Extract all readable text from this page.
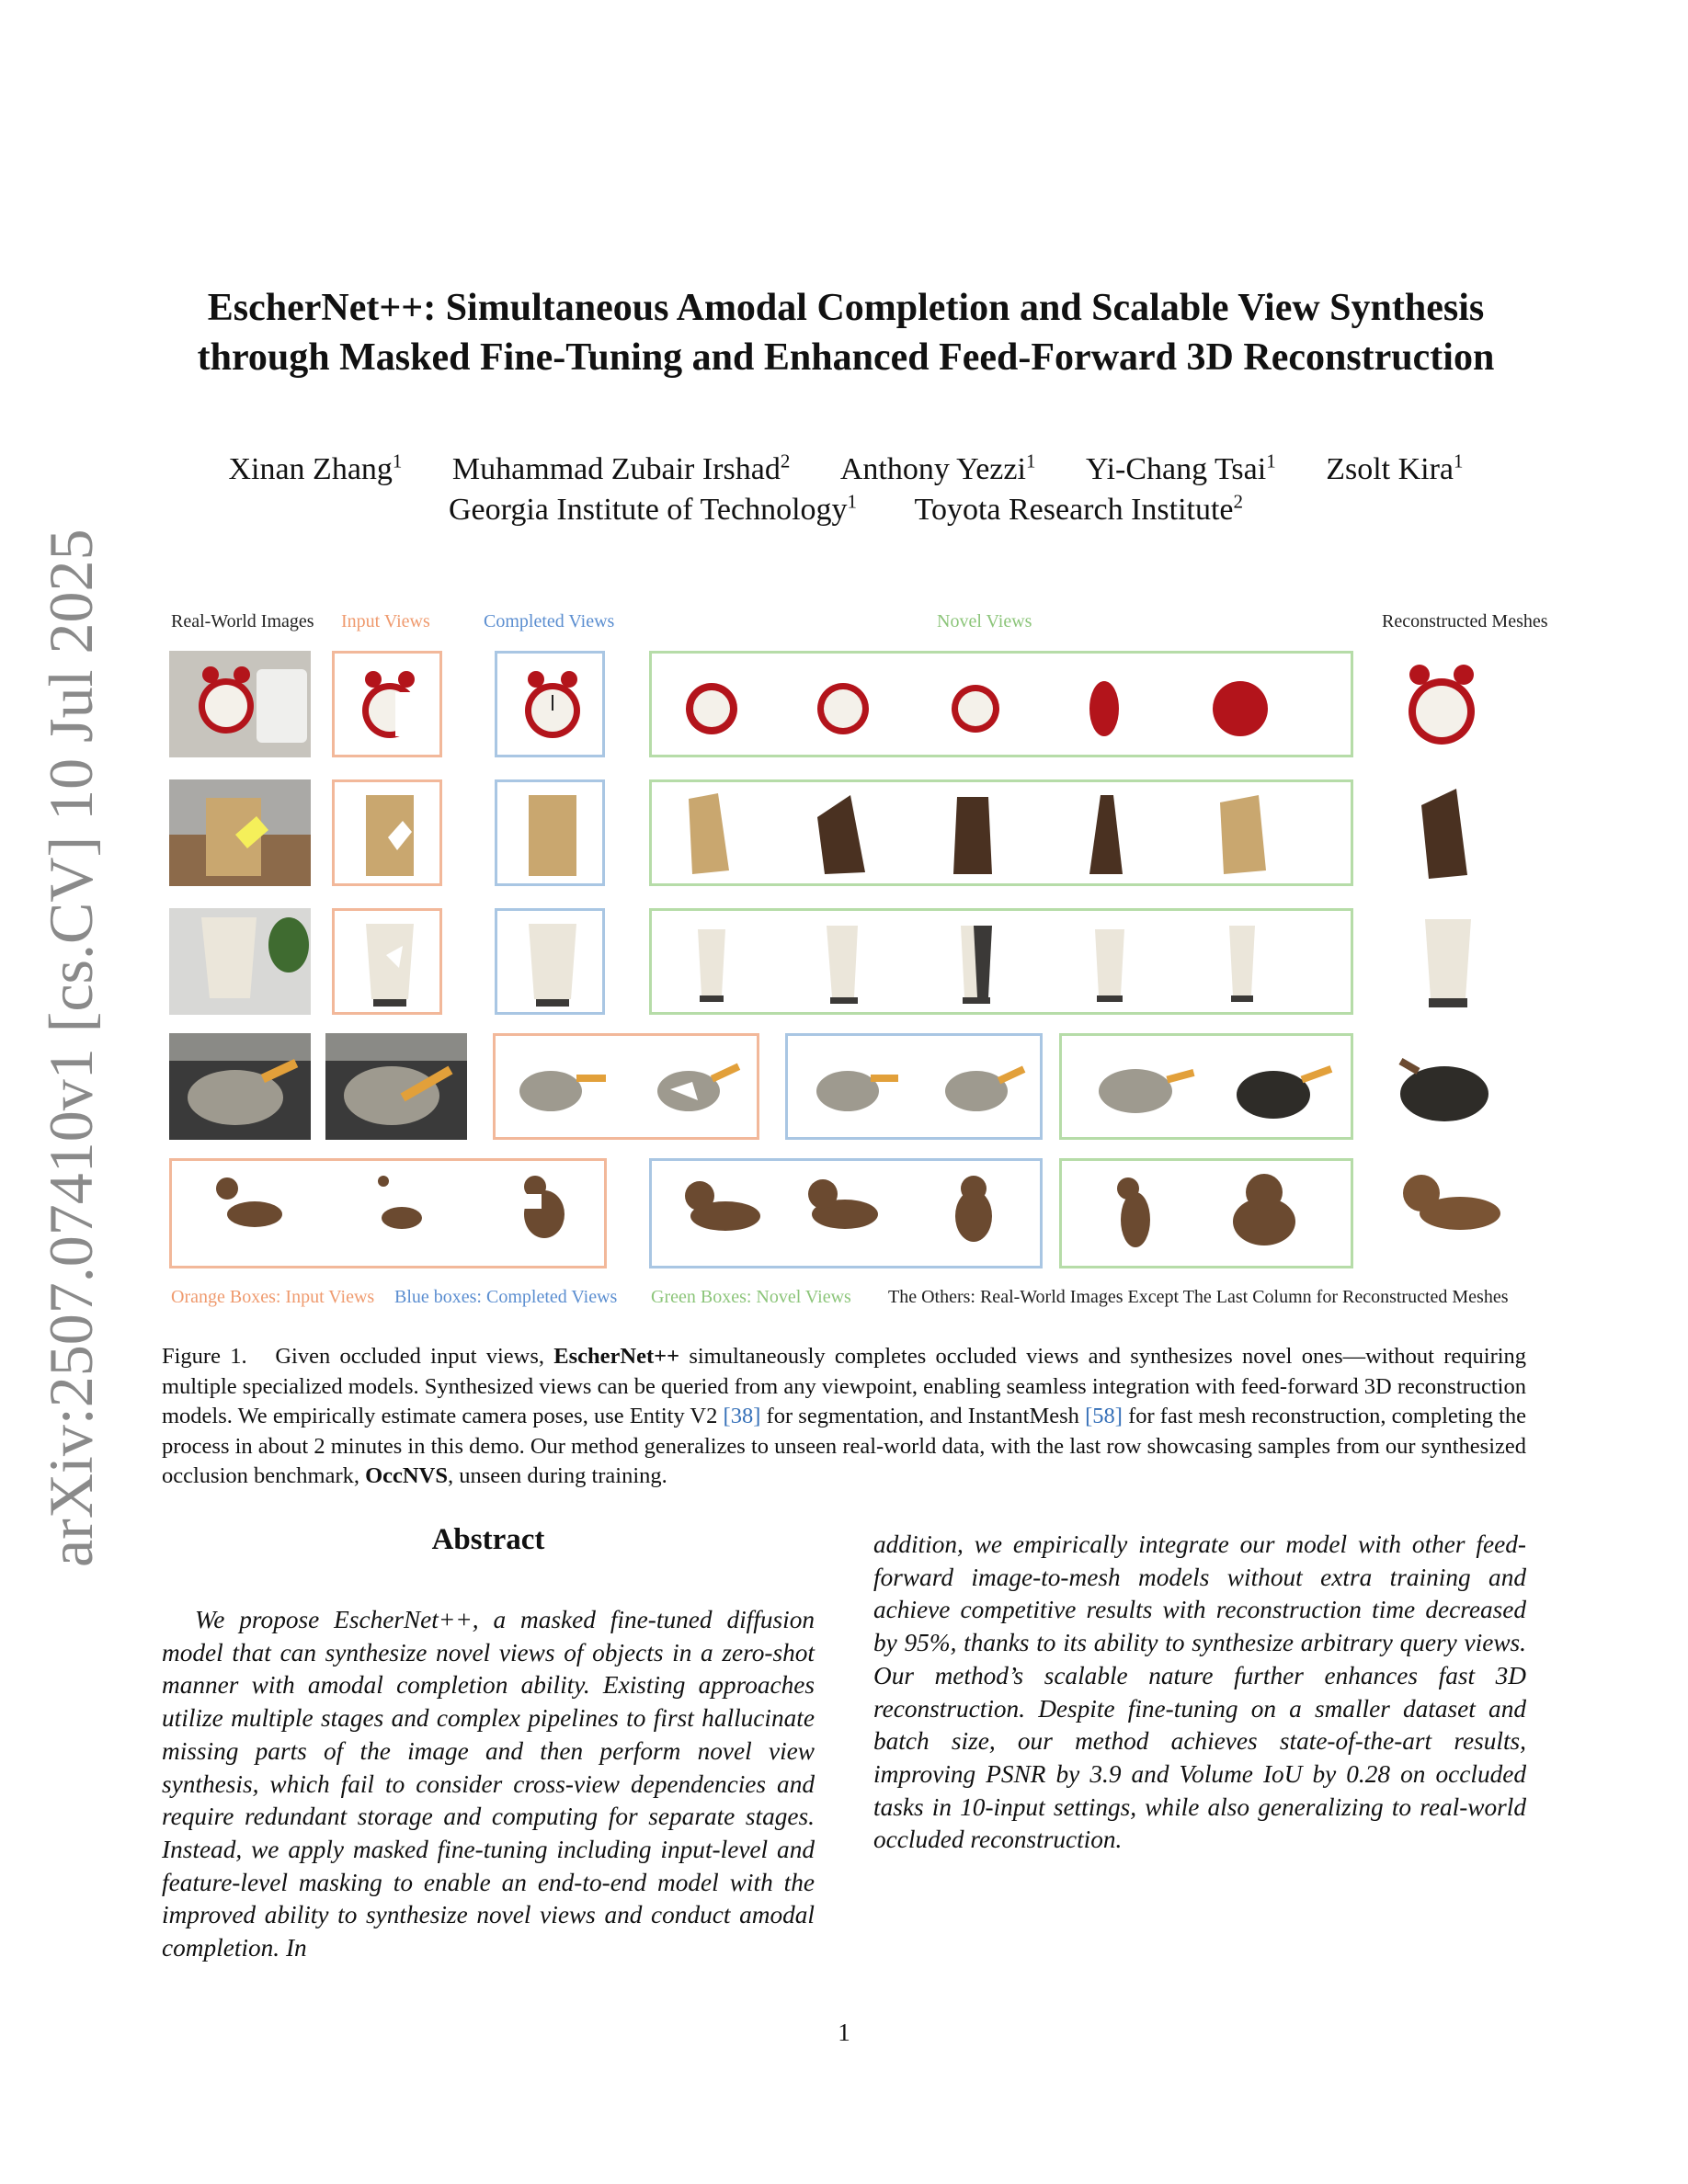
arXiv:2507.07410v1 [cs.CV] 10 Jul 2025
EscherNet++: Simultaneous Amodal Completion and Scalable View Synthesis
through Masked Fine-Tuning and Enhanced Feed-Forward 3D Reconstruction
Xinan Zhang$^1$ Muhammad Zubair Irshad$^2$ Anthony Yezzi$^1$ Yi-Chang Tsai$^1$ Zsolt Kira$^1$
Georgia Institute of Technology$^1$ Toyota Research Institute$^2$
Real-World Images Input Views	Completed Views	Novel Views	Reconstructed Meshes
Orange Boxes: Input Views Blue boxes: Completed Views Green Boxes: Novel Views The Others: Real-World Images Except The Last Column for Reconstructed Meshes
Figure 1. Given occluded input views, EscherNet++ simultaneously completes occluded views and synthesizes novel ones—without requiring multiple specialized models. Synthesized views can be queried from any viewpoint, enabling seamless integration with feed-forward 3D reconstruction models. We empirically estimate camera poses, use Entity V2 [38] for segmentation, and InstantMesh [58] for fast mesh reconstruction, completing the process in about 2 minutes in this demo. Our method generalizes to unseen real-world data, with the last row showcasing samples from our synthesized occlusion benchmark, OccNVS, unseen during training.
Abstract
We propose EscherNet++, a masked fine-tuned diffusion model that can synthesize novel views of objects in a zero-shot manner with amodal completion ability. Existing approaches utilize multiple stages and complex pipelines to first hallucinate missing parts of the image and then perform novel view synthesis, which fail to consider cross-view dependencies and require redundant storage and computing for separate stages. Instead, we apply masked fine-tuning including input-level and feature-level masking to enable an end-to-end model with the improved ability to synthesize novel views and conduct amodal completion. In
addition, we empirically integrate our model with other feed-forward image-to-mesh models without extra training and achieve competitive results with reconstruction time decreased by 95%, thanks to its ability to synthesize arbitrary query views. Our method’s scalable nature further enhances fast 3D reconstruction. Despite fine-tuning on a smaller dataset and batch size, our method achieves state-of-the-art results, improving PSNR by 3.9 and Volume IoU by 0.28 on occluded tasks in 10-input settings, while also generalizing to real-world occluded reconstruction.
1
